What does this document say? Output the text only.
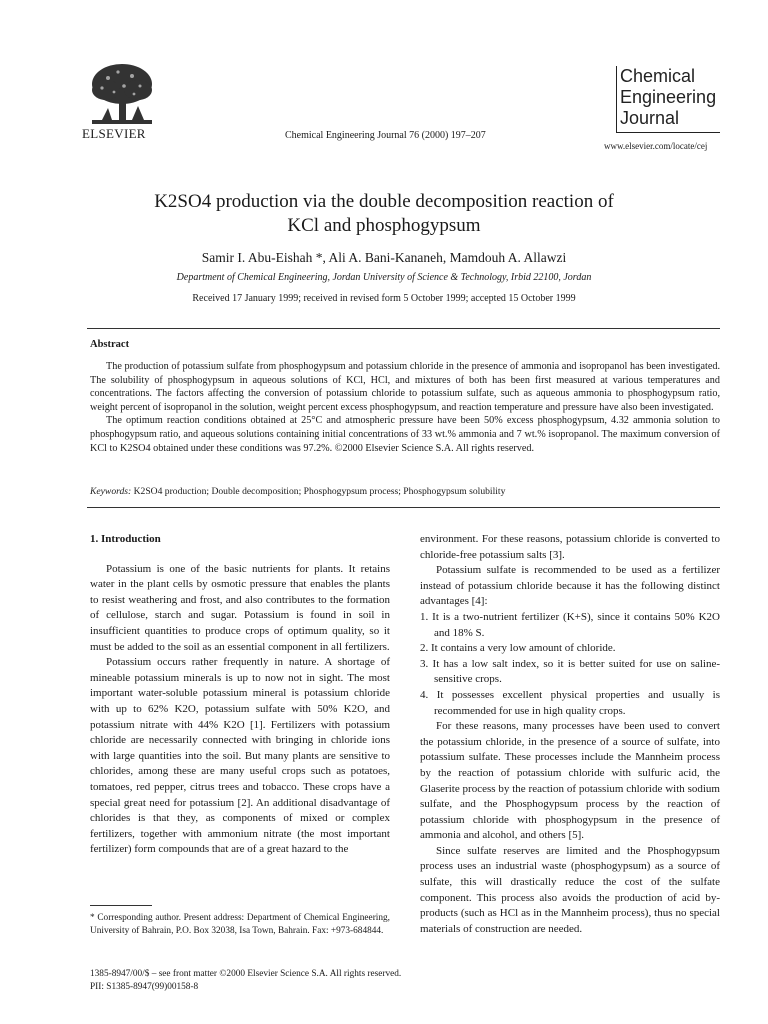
ELSEVIER	Chemical Engineering Journal 76 (2000) 197–207
Chemical
Engineering
Journal
www.elsevier.com/locate/cej
K2SO4 production via the double decomposition reaction of
KCl and phosphogypsum
Samir I. Abu-Eishah *, Ali A. Bani-Kananeh, Mamdouh A. Allawzi
Department of Chemical Engineering, Jordan University of Science & Technology, Irbid 22100, Jordan
Received 17 January 1999; received in revised form 5 October 1999; accepted 15 October 1999
Abstract

The production of potassium sulfate from phosphogypsum and potassium chloride in the presence of ammonia and isopropanol has been investigated. The solubility of phosphogypsum in aqueous solutions of KCl, HCl, and mixtures of both has been first measured at various temperatures and concentrations. The factors affecting the conversion of potassium chloride to potassium sulfate, such as aqueous ammonia to phosphogypsum ratio, weight percent of isopropanol in the solution, weight percent excess phosphogypsum, and reaction temperature and pressure have also been investigated.

The optimum reaction conditions obtained at 25°C and atmospheric pressure have been 50% excess phosphogypsum, 4.32 ammonia solution to phosphogypsum ratio, and aqueous solutions containing initial concentrations of 33 wt.% ammonia and 7 wt.% isopropanol. The maximum conversion of KCl to K2SO4 obtained under these conditions was 97.2%. ©2000 Elsevier Science S.A. All rights reserved.

Keywords: K2SO4 production; Double decomposition; Phosphogypsum process; Phosphogypsum solubility

1. Introduction

Potassium is one of the basic nutrients for plants. It retains water in the plant cells by osmotic pressure that enables the plants to resist weathering and frost, and also contributes to the formation of cellulose, starch and sugar. Potassium is found in soil in insufficient quantities to produce crops of optimum quality, so it must be added to the soil as an essential component in all fertilizers.

Potassium occurs rather frequently in nature. A shortage of mineable potassium minerals is up to now not in sight. The most important water-soluble potassium mineral is potassium chloride with up to 62% K2O, potassium sulfate with 50% K2O, and potassium nitrate with 44% K2O [1]. Fertilizers with potassium chloride are necessarily connected with bringing in chloride ions with large quantities into the soil. But many plants are sensitive to chlorides, among these are many useful crops such as potatoes, tomatoes, red pepper, citrus trees and tobacco. These crops have a special great need for potassium [2]. An additional disadvantage of chlorides is that they, as components of mixed or complex fertilizers, together with ammonium nitrate (the most important fertilizer) form compounds that are of a great hazard to the

environment. For these reasons, potassium chloride is converted to chloride-free potassium salts [3].

Potassium sulfate is recommended to be used as a fertilizer instead of potassium chloride because it has the following distinct advantages [4]:

1. It is a two-nutrient fertilizer (K+S), since it contains 50% K2O and 18% S.

2. It contains a very low amount of chloride.

3. It has a low salt index, so it is better suited for use on saline-sensitive crops.

4. It possesses excellent physical properties and usually is recommended for use in high quality crops.

For these reasons, many processes have been used to convert the potassium chloride, in the presence of a source of sulfate, into potassium sulfate. These processes include the Mannheim process by the reaction of potassium chloride with sulfuric acid, the Glaserite process by the reaction of potassium chloride with sodium sulfate, and the Phosphogypsum process by the reaction of potassium chloride with phosphogypsum in the presence of ammonia and alcohol, and others [5].

Since sulfate reserves are limited and the Phosphogypsum process uses an industrial waste (phosphogypsum) as a source of sulfate, this will drastically reduce the cost of the sulfate component. This process also avoids the production of acid by-products (such as HCl as in the Mannheim process), thus no special materials of construction are needed.

* Corresponding author. Present address: Department of Chemical Engineering, University of Bahrain, P.O. Box 32038, Isa Town, Bahrain. Fax: +973-684844.
1385-8947/00/$ – see front matter ©2000 Elsevier Science S.A. All rights reserved.
PII: S1385-8947(99)00158-8
